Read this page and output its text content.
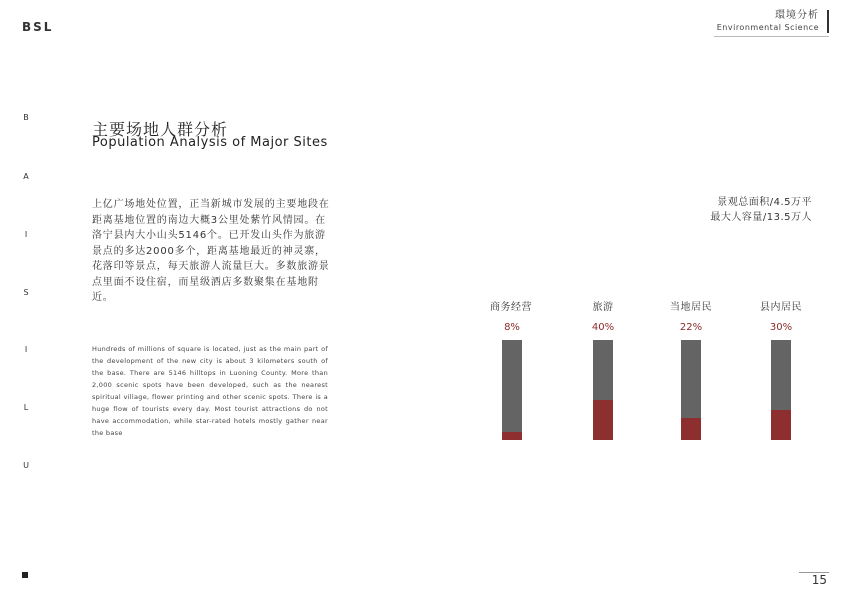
BSL
環境分析
Environmental Science
B
A
I
S
I
L
U
主要场地人群分析
Population Analysis of Major Sites
上亿广场地处位置，正当新城市发展的主要地段在距离基地位置的南边大概3公里处紫竹风情园。在洛宁县内大小山头5146个。已开发山头作为旅游景点的多达2000多个，距离基地最近的神灵寨，花落印等景点，每天旅游人流量巨大。多数旅游景点里面不设住宿，而星级酒店多数聚集在基地附近。
Hundreds of millions of square is located, just as the main part of the development of the new city is about 3 kilometers south of the base. There are 5146 hilltops in Luoning County. More than 2,000 scenic spots have been developed, such as the nearest spiritual village, flower printing and other scenic spots. There is a huge flow of tourists every day. Most tourist attractions do not have accommodation, while star-rated hotels mostly gather near the base
景观总面积/4.5万平
最大人容量/13.5万人
商务经营	旅游	当地居民	县内居民
8%	40%	22%	30%
15
